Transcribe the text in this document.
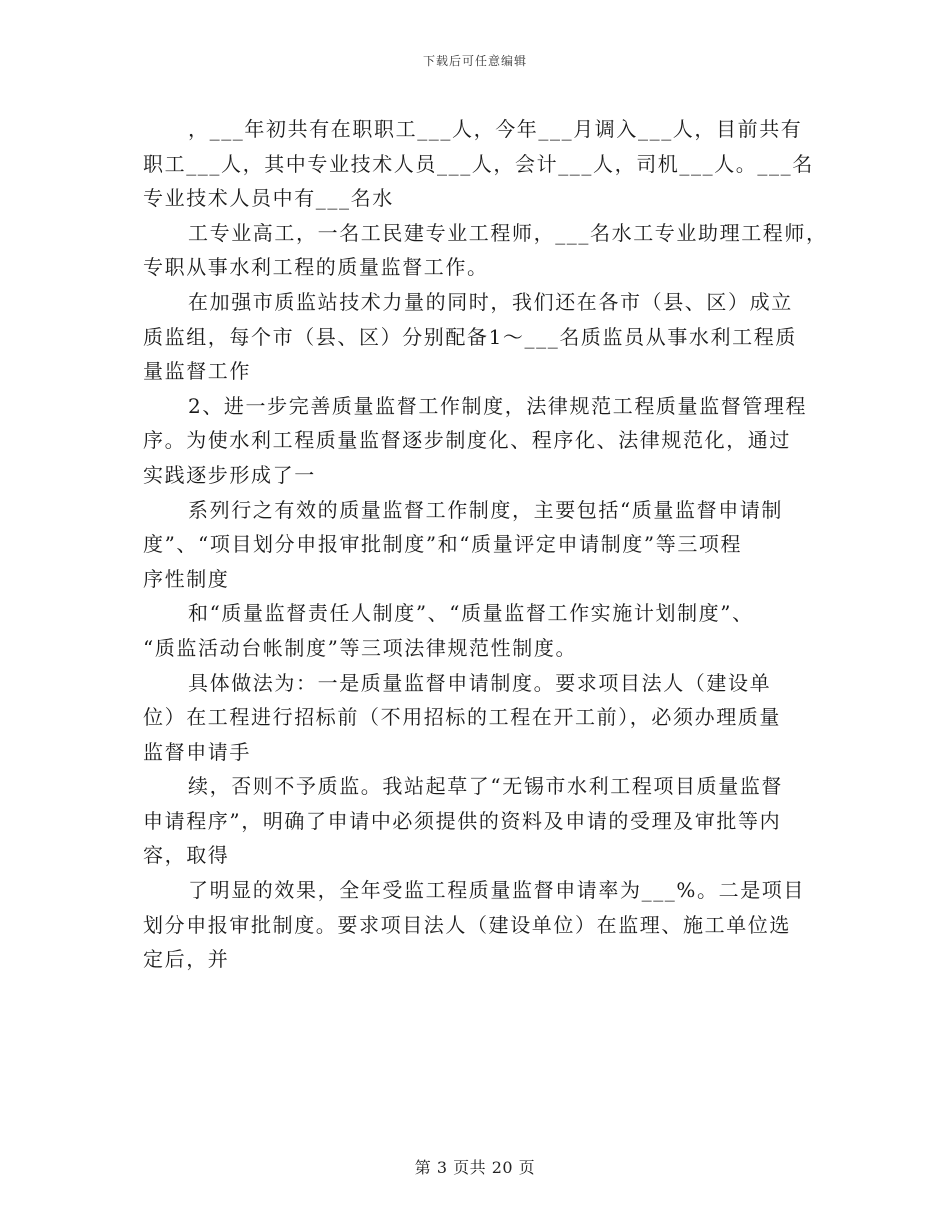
下载后可任意编辑
，___年初共有在职职工___人，今年___月调入___人，目前共有
职工___人，其中专业技术人员___人，会计___人，司机___人。___名
专业技术人员中有___名水
工专业高工，一名工民建专业工程师，___名水工专业助理工程师，
专职从事水利工程的质量监督工作。
在加强市质监站技术力量的同时，我们还在各市（县、区）成立
质监组，每个市（县、区）分别配备1～___名质监员从事水利工程质
量监督工作
2、进一步完善质量监督工作制度，法律规范工程质量监督管理程
序。为使水利工程质量监督逐步制度化、程序化、法律规范化，通过
实践逐步形成了一
系列行之有效的质量监督工作制度，主要包括“质量监督申请制
度”、“项目划分申报审批制度”和“质量评定申请制度”等三项程
序性制度
和“质量监督责任人制度”、“质量监督工作实施计划制度”、
“质监活动台帐制度”等三项法律规范性制度。
具体做法为：一是质量监督申请制度。要求项目法人（建设单
位）在工程进行招标前（不用招标的工程在开工前），必须办理质量
监督申请手
续，否则不予质监。我站起草了“无锡市水利工程项目质量监督
申请程序”，明确了申请中必须提供的资料及申请的受理及审批等内
容，取得
了明显的效果，全年受监工程质量监督申请率为___%。二是项目
划分申报审批制度。要求项目法人（建设单位）在监理、施工单位选
定后，并
第 3 页共 20 页
